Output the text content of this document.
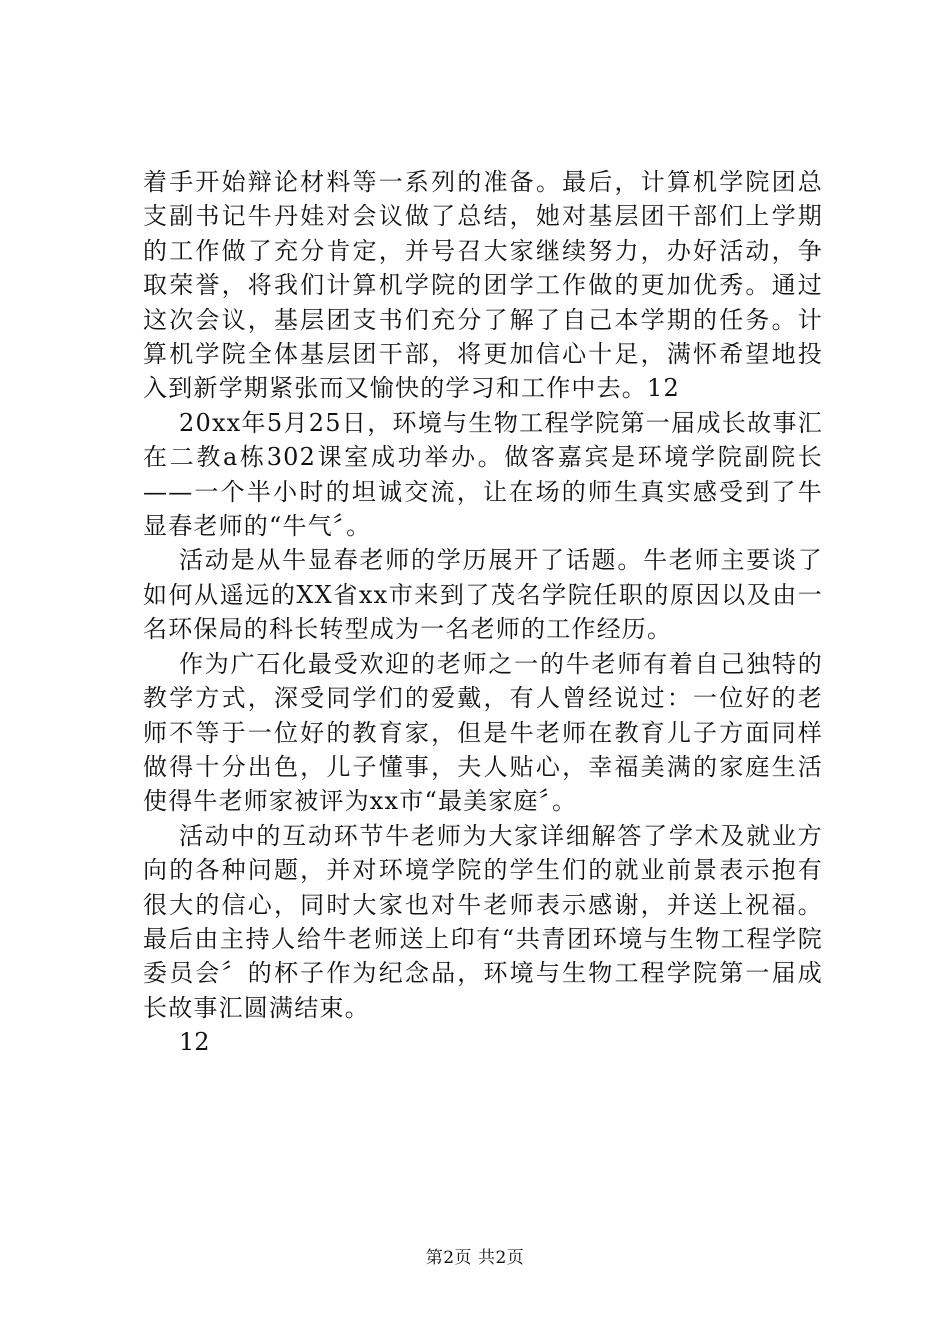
着手开始辩论材料等一系列的准备。最后，计算机学院团总支副书记牛丹娃对会议做了总结，她对基层团干部们上学期的工作做了充分肯定，并号召大家继续努力，办好活动，争取荣誉，将我们计算机学院的团学工作做的更加优秀。通过这次会议，基层团支书们充分了解了自己本学期的任务。计算机学院全体基层团干部，将更加信心十足，满怀希望地投入到新学期紧张而又愉快的学习和工作中去。12

20xx年5月25日，环境与生物工程学院第一届成长故事汇在二教a栋302课室成功举办。做客嘉宾是环境学院副院长——一个半小时的坦诚交流，让在场的师生真实感受到了牛显春老师的“牛气〞。

活动是从牛显春老师的学历展开了话题。牛老师主要谈了如何从遥远的XX省xx市来到了茂名学院任职的原因以及由一名环保局的科长转型成为一名老师的工作经历。

作为广石化最受欢迎的老师之一的牛老师有着自己独特的教学方式，深受同学们的爱戴，有人曾经说过：一位好的老师不等于一位好的教育家，但是牛老师在教育儿子方面同样做得十分出色，儿子懂事，夫人贴心，幸福美满的家庭生活使得牛老师家被评为xx市“最美家庭〞。

活动中的互动环节牛老师为大家详细解答了学术及就业方向的各种问题，并对环境学院的学生们的就业前景表示抱有很大的信心，同时大家也对牛老师表示感谢，并送上祝福。最后由主持人给牛老师送上印有“共青团环境与生物工程学院委员会〞的杯子作为纪念品，环境与生物工程学院第一届成长故事汇圆满结束。

12

第2页 共2页
